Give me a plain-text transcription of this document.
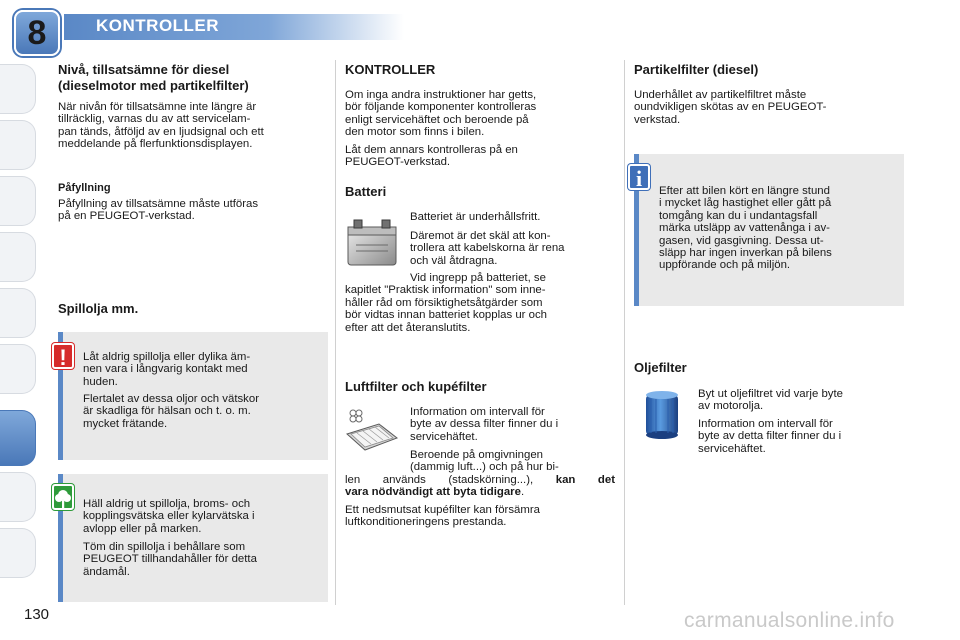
8	KONTROLLER
Nivå, tillsatsämne för diesel
(dieselmotor med partikelfilter)
När nivån för tillsatsämne inte längre är
tillräcklig, varnas du av att servicelam-
pan tänds, åtföljd av en ljudsignal och ett
meddelande på flerfunktionsdisplayen.
Påfyllning
Påfyllning av tillsatsämne måste utföras
på en PEUGEOT-verkstad.
Spillolja mm.
Låt aldrig spillolja eller dylika äm-
nen vara i långvarig kontakt med
huden.
Flertalet av dessa oljor och vätskor
är skadliga för hälsan och t. o. m.
mycket frätande.
!
Häll aldrig ut spillolja, broms- och
kopplingsvätska eller kylarvätska i
avlopp eller på marken.
Töm din spillolja i behållare som
PEUGEOT tillhandahåller för detta
ändamål.
KONTROLLER
Om inga andra instruktioner har getts,
bör följande komponenter kontrolleras
enligt servicehäftet och beroende på
den motor som finns i bilen.
Låt dem annars kontrolleras på en
PEUGEOT-verkstad.
Batteri
Batteriet är underhållsfritt.
Däremot är det skäl att kon-
trollera att kabelskorna är rena
och väl åtdragna.
Vid ingrepp på batteriet, se
kapitlet "Praktisk information" som inne-
håller råd om försiktighetsåtgärder som
bör vidtas innan batteriet kopplas ur och
efter att det återanslutits.
Luftfilter och kupéfilter
Information om intervall för
byte av dessa filter finner du i
servicehäftet.
Beroende på omgivningen
(dammig luft...) och på hur bi-
len används (stadskörning...), kan det
vara nödvändigt att byta tidigare.
Ett nedsmutsat kupéfilter kan försämra
luftkonditioneringens prestanda.
Partikelfilter (diesel)
Underhållet av partikelfiltret måste
oundvikligen skötas av en PEUGEOT-
verkstad.
Efter att bilen kört en längre stund
i mycket låg hastighet eller gått på
tomgång kan du i undantagsfall
märka utsläpp av vattenånga i av-
gasen, vid gasgivning. Dessa ut-
släpp har ingen inverkan på bilens
uppförande och på miljön.
i
Oljefilter
Byt ut oljefiltret vid varje byte
av motorolja.
Information om intervall för
byte av detta filter finner du i
servicehäftet.
130	carmanualsonline.info
